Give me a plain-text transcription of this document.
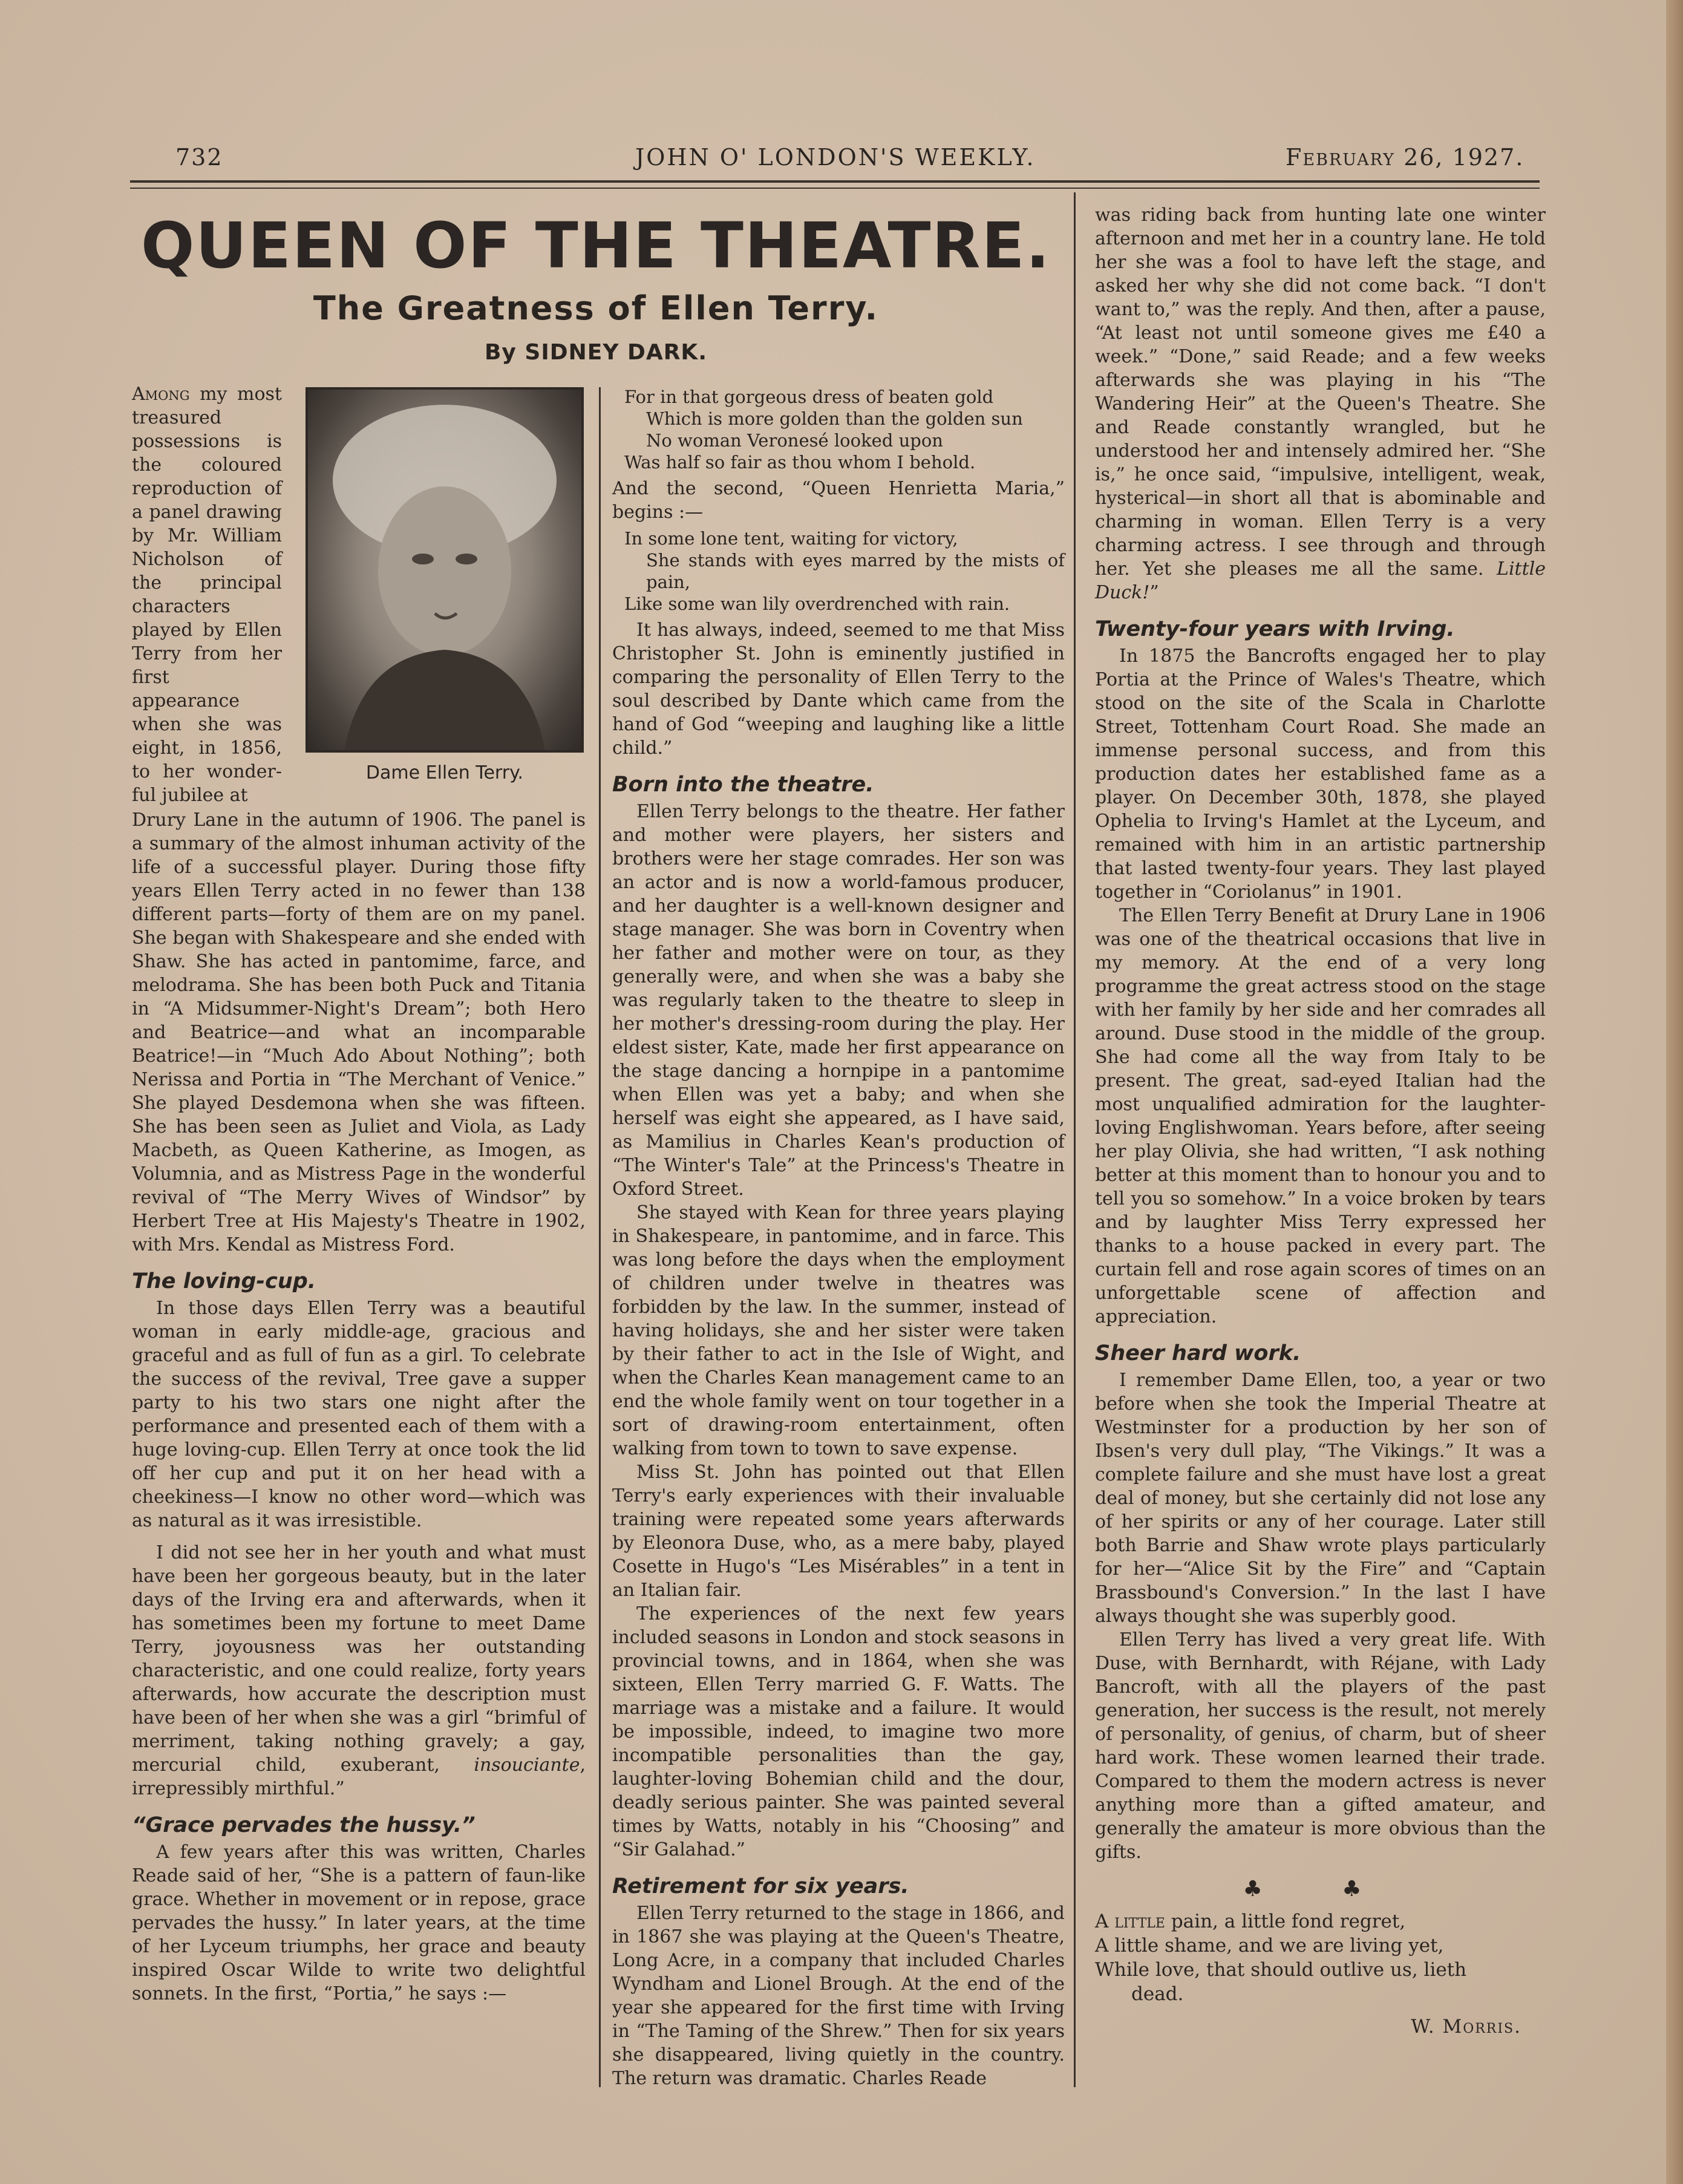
732	JOHN O' LONDON'S WEEKLY.	February 26, 1927.
QUEEN OF THE THEATRE.
The Greatness of Ellen Terry.
By SIDNEY DARK.
Dame Ellen Terry.

Among my most treasured possessions is the coloured reproduction of a panel drawing by Mr. William Nicholson of the principal characters played by Ellen Terry from her first appearance when she was eight, in 1856, to her wonder-ful jubilee at

Drury Lane in the autumn of 1906. The panel is a summary of the almost inhuman activity of the life of a successful player. During those fifty years Ellen Terry acted in no fewer than 138 different parts—forty of them are on my panel. She began with Shakespeare and she ended with Shaw. She has acted in pantomime, farce, and melodrama. She has been both Puck and Titania in “A Midsummer-Night's Dream”; both Hero and Beatrice—and what an incomparable Beatrice!—in “Much Ado About Nothing”; both Nerissa and Portia in “The Merchant of Venice.” She played Desdemona when she was fifteen. She has been seen as Juliet and Viola, as Lady Macbeth, as Queen Katherine, as Imogen, as Volumnia, and as Mistress Page in the wonderful revival of “The Merry Wives of Windsor” by Herbert Tree at His Majesty's Theatre in 1902, with Mrs. Kendal as Mistress Ford.

The loving-cup.

In those days Ellen Terry was a beautiful woman in early middle-age, gracious and graceful and as full of fun as a girl. To celebrate the success of the revival, Tree gave a supper party to his two stars one night after the performance and presented each of them with a huge loving-cup. Ellen Terry at once took the lid off her cup and put it on her head with a cheekiness—I know no other word—which was as natural as it was irresistible.

I did not see her in her youth and what must have been her gorgeous beauty, but in the later days of the Irving era and afterwards, when it has sometimes been my fortune to meet Dame Terry, joyousness was her outstanding characteristic, and one could realize, forty years afterwards, how accurate the description must have been of her when she was a girl “brimful of merriment, taking nothing gravely; a gay, mercurial child, exuberant, insouciante, irrepressibly mirthful.”

“Grace pervades the hussy.”

A few years after this was written, Charles Reade said of her, “She is a pattern of faun-like grace. Whether in movement or in repose, grace pervades the hussy.” In later years, at the time of her Lyceum triumphs, her grace and beauty inspired Oscar Wilde to write two delightful sonnets. In the first, “Portia,” he says :—

For in that gorgeous dress of beaten gold
Which is more golden than the golden sun
No woman Veronesé looked upon
Was half so fair as thou whom I behold.

And the second, “Queen Henrietta Maria,” begins :—

In some lone tent, waiting for victory,
She stands with eyes marred by the mists of pain,
Like some wan lily overdrenched with rain.

It has always, indeed, seemed to me that Miss Christopher St. John is eminently justified in comparing the personality of Ellen Terry to the soul described by Dante which came from the hand of God “weeping and laughing like a little child.”

Born into the theatre.

Ellen Terry belongs to the theatre. Her father and mother were players, her sisters and brothers were her stage comrades. Her son was an actor and is now a world-famous producer, and her daughter is a well-known designer and stage manager. She was born in Coventry when her father and mother were on tour, as they generally were, and when she was a baby she was regularly taken to the theatre to sleep in her mother's dressing-room during the play. Her eldest sister, Kate, made her first appearance on the stage dancing a hornpipe in a pantomime when Ellen was yet a baby; and when she herself was eight she appeared, as I have said, as Mamilius in Charles Kean's production of “The Winter's Tale” at the Princess's Theatre in Oxford Street.

She stayed with Kean for three years playing in Shakespeare, in pantomime, and in farce. This was long before the days when the employment of children under twelve in theatres was forbidden by the law. In the summer, instead of having holidays, she and her sister were taken by their father to act in the Isle of Wight, and when the Charles Kean management came to an end the whole family went on tour together in a sort of drawing-room entertainment, often walking from town to town to save expense.

Miss St. John has pointed out that Ellen Terry's early experiences with their invaluable training were repeated some years afterwards by Eleonora Duse, who, as a mere baby, played Cosette in Hugo's “Les Misérables” in a tent in an Italian fair.

The experiences of the next few years included seasons in London and stock seasons in provincial towns, and in 1864, when she was sixteen, Ellen Terry married G. F. Watts. The marriage was a mistake and a failure. It would be impossible, indeed, to imagine two more incompatible personalities than the gay, laughter-loving Bohemian child and the dour, deadly serious painter. She was painted several times by Watts, notably in his “Choosing” and “Sir Galahad.”

Retirement for six years.

Ellen Terry returned to the stage in 1866, and in 1867 she was playing at the Queen's Theatre, Long Acre, in a company that included Charles Wyndham and Lionel Brough. At the end of the year she appeared for the first time with Irving in “The Taming of the Shrew.” Then for six years she disappeared, living quietly in the country. The return was dramatic. Charles Reade

was riding back from hunting late one winter afternoon and met her in a country lane. He told her she was a fool to have left the stage, and asked her why she did not come back. “I don't want to,” was the reply. And then, after a pause, “At least not until someone gives me £40 a week.” “Done,” said Reade; and a few weeks afterwards she was playing in his “The Wandering Heir” at the Queen's Theatre. She and Reade constantly wrangled, but he understood her and intensely admired her. “She is,” he once said, “impulsive, intelligent, weak, hysterical—in short all that is abominable and charming in woman. Ellen Terry is a very charming actress. I see through and through her. Yet she pleases me all the same. Little Duck!”

Twenty-four years with Irving.

In 1875 the Bancrofts engaged her to play Portia at the Prince of Wales's Theatre, which stood on the site of the Scala in Charlotte Street, Tottenham Court Road. She made an immense personal success, and from this production dates her established fame as a player. On December 30th, 1878, she played Ophelia to Irving's Hamlet at the Lyceum, and remained with him in an artistic partnership that lasted twenty-four years. They last played together in “Coriolanus” in 1901.

The Ellen Terry Benefit at Drury Lane in 1906 was one of the theatrical occasions that live in my memory. At the end of a very long programme the great actress stood on the stage with her family by her side and her comrades all around. Duse stood in the middle of the group. She had come all the way from Italy to be present. The great, sad-eyed Italian had the most unqualified admiration for the laughter-loving Englishwoman. Years before, after seeing her play Olivia, she had written, “I ask nothing better at this moment than to honour you and to tell you so somehow.” In a voice broken by tears and by laughter Miss Terry expressed her thanks to a house packed in every part. The curtain fell and rose again scores of times on an unforgettable scene of affection and appreciation.

Sheer hard work.

I remember Dame Ellen, too, a year or two before when she took the Imperial Theatre at Westminster for a production by her son of Ibsen's very dull play, “The Vikings.” It was a complete failure and she must have lost a great deal of money, but she certainly did not lose any of her spirits or any of her courage. Later still both Barrie and Shaw wrote plays particularly for her—“Alice Sit by the Fire” and “Captain Brassbound's Conversion.” In the last I have always thought she was superbly good.

Ellen Terry has lived a very great life. With Duse, with Bernhardt, with Réjane, with Lady Bancroft, with all the players of the past generation, her success is the result, not merely of personality, of genius, of charm, but of sheer hard work. These women learned their trade. Compared to them the modern actress is never anything more than a gifted amateur, and generally the amateur is more obvious than the gifts.

♣ ♣
A little pain, a little fond regret,
A little shame, and we are living yet,
While love, that should outlive us, lieth
dead.
W. Morris.
